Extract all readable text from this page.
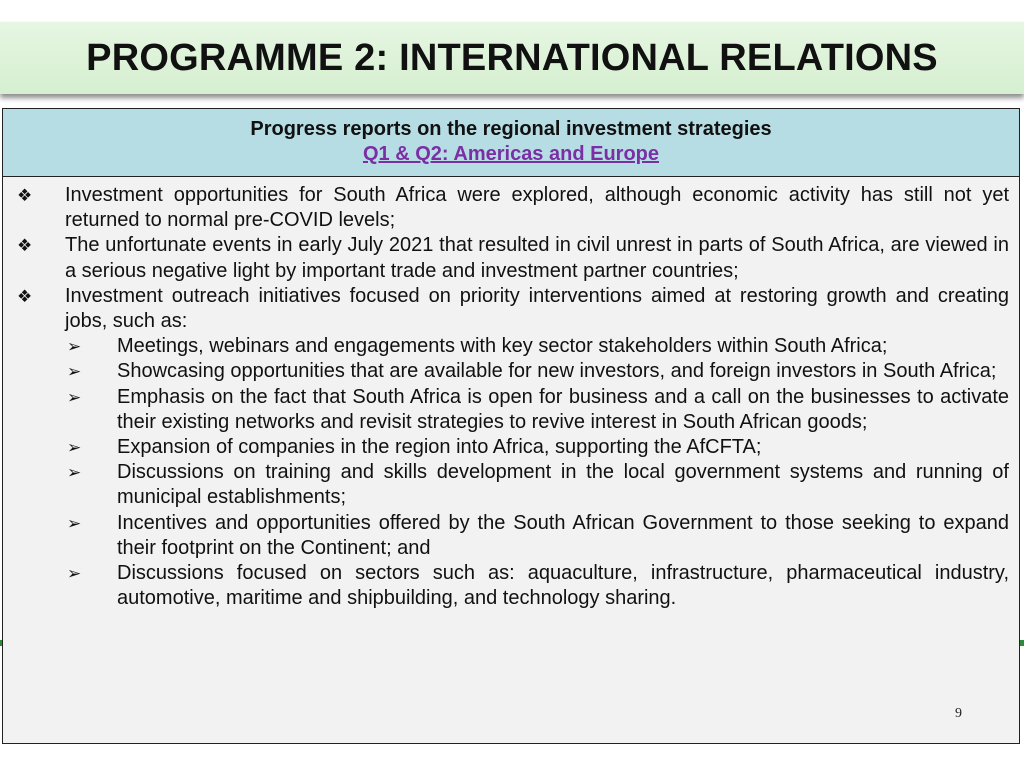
PROGRAMME 2: INTERNATIONAL RELATIONS
Progress reports on the regional investment strategies
Q1 & Q2: Americas and Europe
❖	Investment opportunities for South Africa were explored, although economic activity has still not yet returned to normal pre-COVID levels;
❖	The unfortunate events in early July 2021 that resulted in civil unrest in parts of South Africa, are viewed in a serious negative light by important trade and investment partner countries;
❖	Investment outreach initiatives focused on priority interventions aimed at restoring growth and creating jobs, such as:
➢	Meetings, webinars and engagements with key sector stakeholders within South Africa;
➢	Showcasing opportunities that are available for new investors, and foreign investors in South Africa;
➢	Emphasis on the fact that South Africa is open for business and a call on the businesses to activate their existing networks and revisit strategies to revive interest in South African goods;
➢	Expansion of companies in the region into Africa, supporting the AfCFTA;
➢	Discussions on training and skills development in the local government systems and running of municipal establishments;
➢	Incentives and opportunities offered by the South African Government to those seeking to expand their footprint on the Continent; and
➢	Discussions focused on sectors such as: aquaculture, infrastructure, pharmaceutical industry, automotive, maritime and shipbuilding, and technology sharing.
9
